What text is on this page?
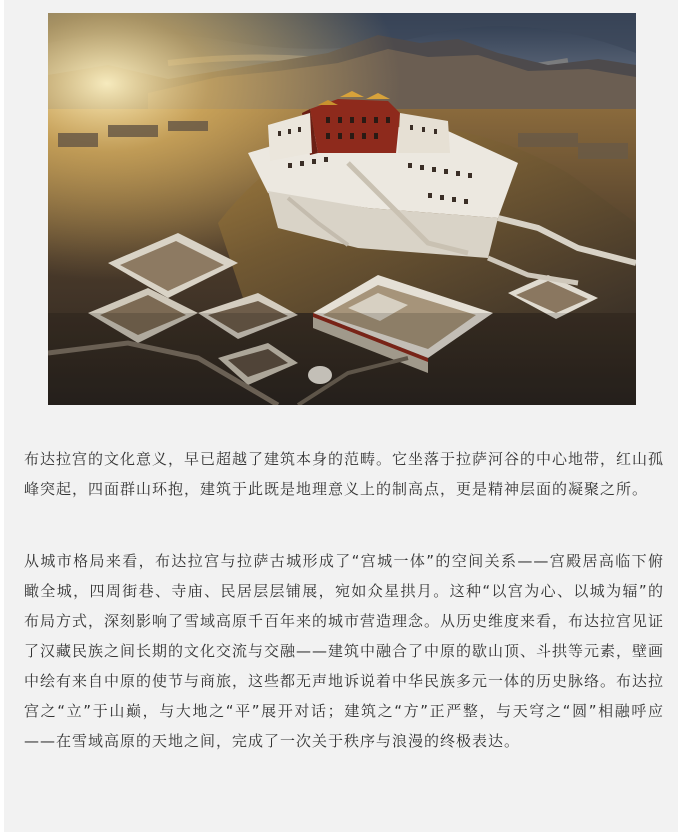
布达拉宫的文化意义，早已超越了建筑本身的范畴。它坐落于拉萨河谷的中心地带，红山孤峰突起，四面群山环抱，建筑于此既是地理意义上的制高点，更是精神层面的凝聚之所。

从城市格局来看，布达拉宫与拉萨古城形成了“宫城一体”的空间关系——宫殿居高临下俯瞰全城，四周街巷、寺庙、民居层层铺展，宛如众星拱月。这种“以宫为心、以城为辐”的布局方式，深刻影响了雪域高原千百年来的城市营造理念。从历史维度来看，布达拉宫见证了汉藏民族之间长期的文化交流与交融——建筑中融合了中原的歇山顶、斗拱等元素，壁画中绘有来自中原的使节与商旅，这些都无声地诉说着中华民族多元一体的历史脉络。布达拉宫之“立”于山巅，与大地之“平”展开对话；建筑之“方”正严整，与天穹之“圆”相融呼应——在雪域高原的天地之间，完成了一次关于秩序与浪漫的终极表达。
